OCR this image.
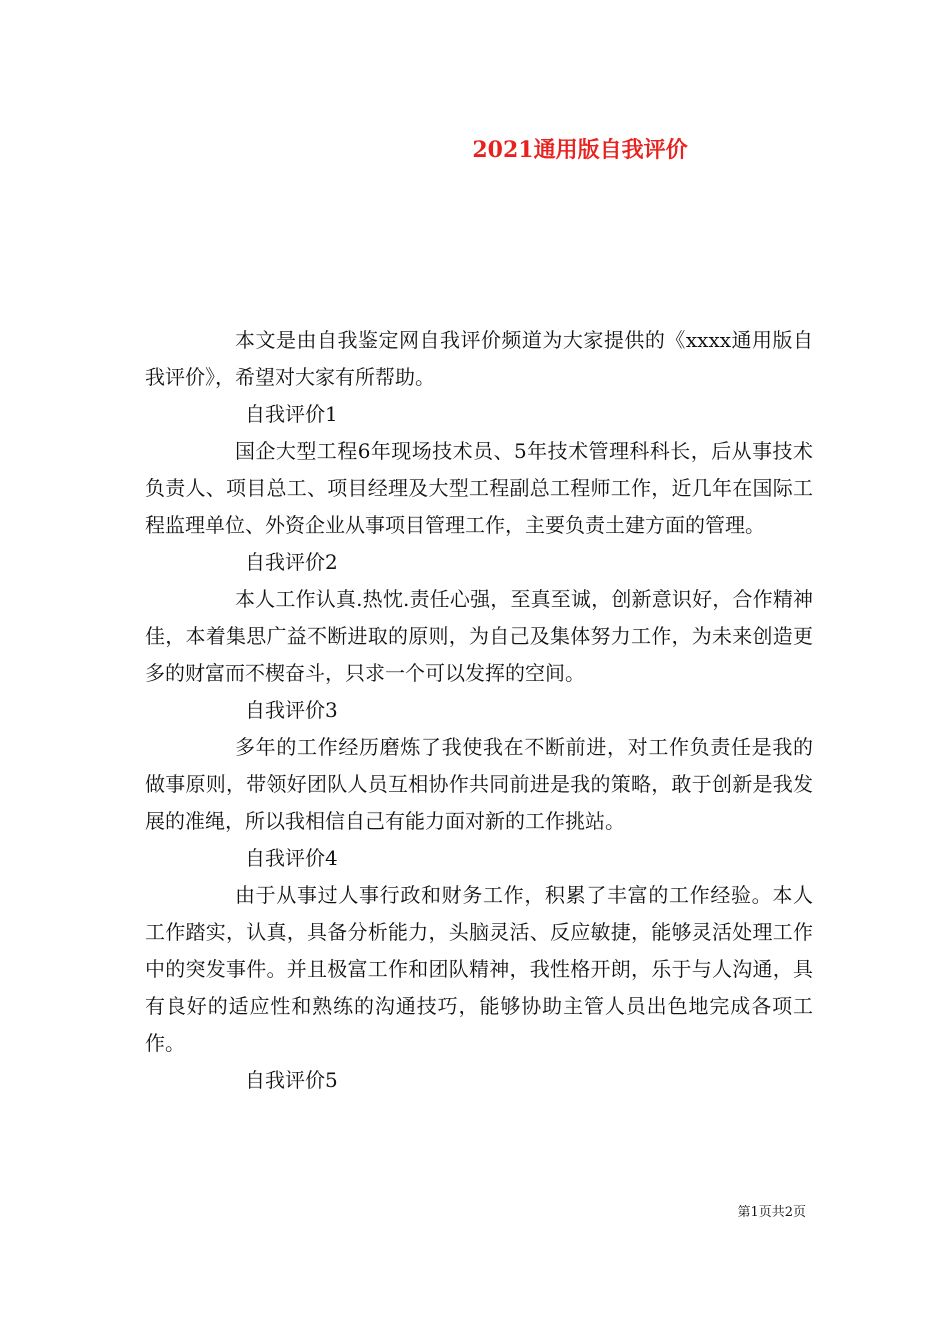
2021通用版自我评价

本文是由自我鉴定网自我评价频道为大家提供的《xxxx通用版自我评价》，希望对大家有所帮助。

自我评价1

国企大型工程6年现场技术员、5年技术管理科科长，后从事技术负责人、项目总工、项目经理及大型工程副总工程师工作，近几年在国际工程监理单位、外资企业从事项目管理工作，主要负责土建方面的管理。

自我评价2

本人工作认真.热忱.责任心强，至真至诚，创新意识好，合作精神佳，本着集思广益不断进取的原则，为自己及集体努力工作，为未来创造更多的财富而不楔奋斗，只求一个可以发挥的空间。

自我评价3

多年的工作经历磨炼了我使我在不断前进，对工作负责任是我的做事原则，带领好团队人员互相协作共同前进是我的策略，敢于创新是我发展的准绳，所以我相信自己有能力面对新的工作挑站。

自我评价4

由于从事过人事行政和财务工作，积累了丰富的工作经验。本人工作踏实，认真，具备分析能力，头脑灵活、反应敏捷，能够灵活处理工作中的突发事件。并且极富工作和团队精神，我性格开朗，乐于与人沟通，具有良好的适应性和熟练的沟通技巧，能够协助主管人员出色地完成各项工作。

自我评价5

第1页共2页
